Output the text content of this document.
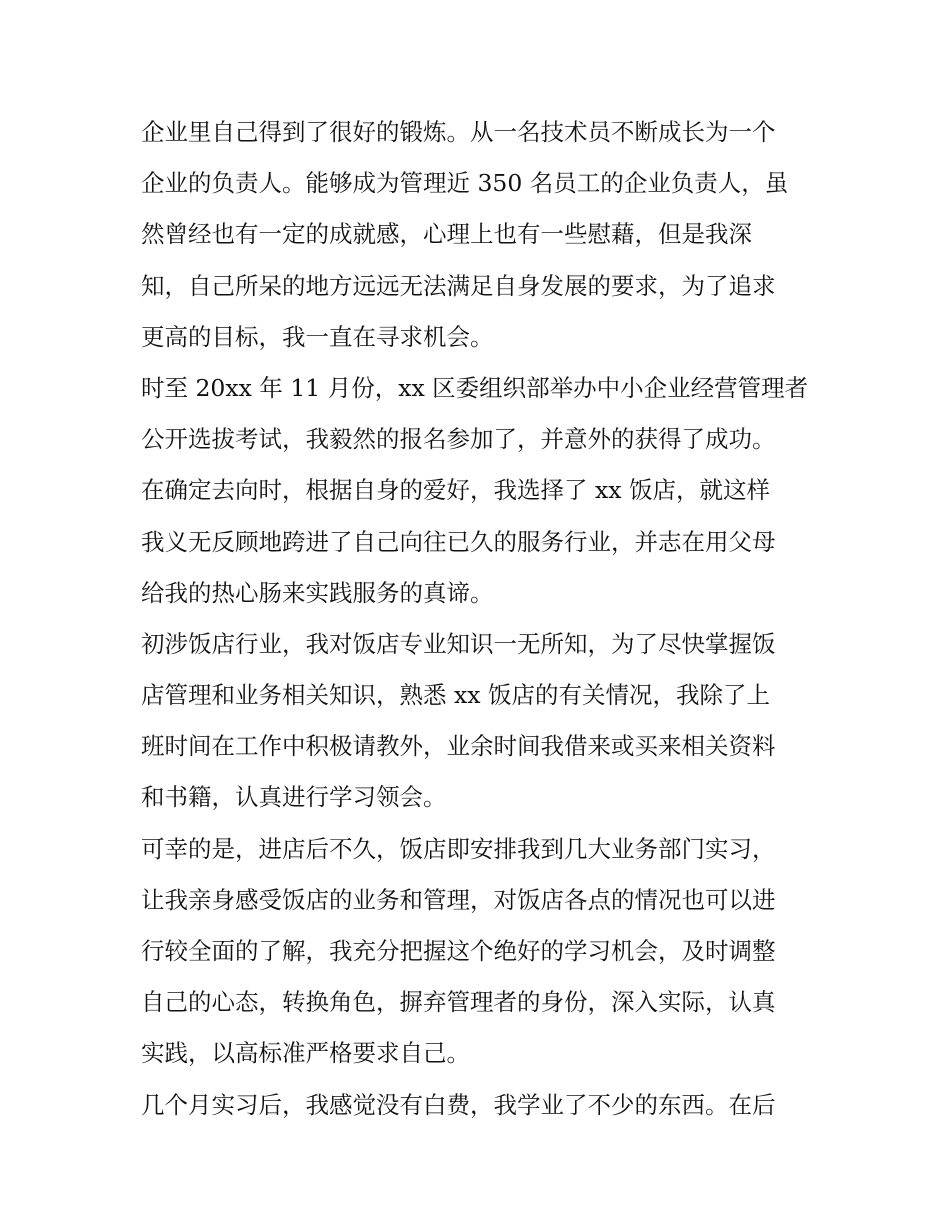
企业里自己得到了很好的锻炼。从一名技术员不断成长为一个
企业的负责人。能够成为管理近 350 名员工的企业负责人，虽
然曾经也有一定的成就感，心理上也有一些慰藉，但是我深
知，自己所呆的地方远远无法满足自身发展的要求，为了追求
更高的目标，我一直在寻求机会。
时至 20xx 年 11 月份，xx 区委组织部举办中小企业经营管理者
公开选拔考试，我毅然的报名参加了，并意外的获得了成功。
在确定去向时，根据自身的爱好，我选择了 xx 饭店，就这样
我义无反顾地跨进了自己向往已久的服务行业，并志在用父母
给我的热心肠来实践服务的真谛。
初涉饭店行业，我对饭店专业知识一无所知，为了尽快掌握饭
店管理和业务相关知识，熟悉 xx 饭店的有关情况，我除了上
班时间在工作中积极请教外，业余时间我借来或买来相关资料
和书籍，认真进行学习领会。
可幸的是，进店后不久，饭店即安排我到几大业务部门实习，
让我亲身感受饭店的业务和管理，对饭店各点的情况也可以进
行较全面的了解，我充分把握这个绝好的学习机会，及时调整
自己的心态，转换角色，摒弃管理者的身份，深入实际，认真
实践，以高标准严格要求自己。
几个月实习后，我感觉没有白费，我学业了不少的东西。在后
